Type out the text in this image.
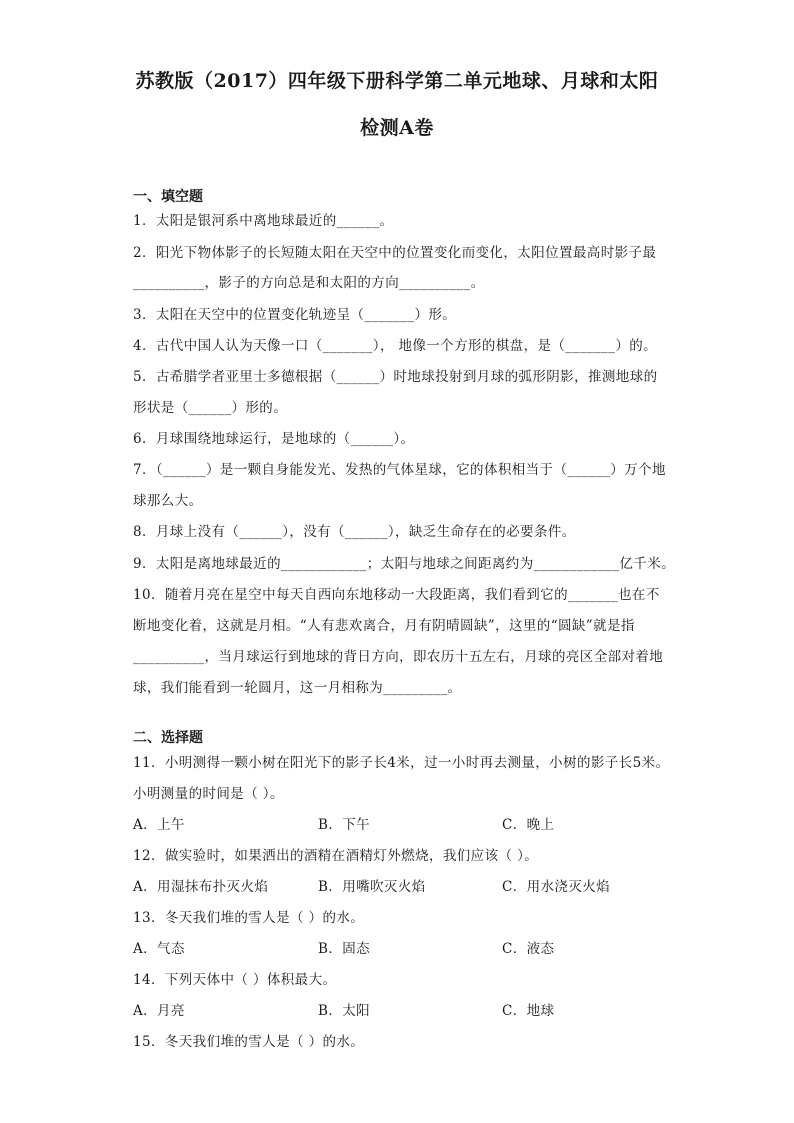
苏教版（2017）四年级下册科学第二单元地球、月球和太阳
检测A卷
一、填空题
1．太阳是银河系中离地球最近的______。
2．阳光下物体影子的长短随太阳在天空中的位置变化而变化，太阳位置最高时影子最
__________，影子的方向总是和太阳的方向__________。
3．太阳在天空中的位置变化轨迹呈（_______）形。
4．古代中国人认为天像一口（_______）， 地像一个方形的棋盘，是（_______）的。
5．古希腊学者亚里士多德根据（______）时地球投射到月球的弧形阴影，推测地球的
形状是（______）形的。
6．月球围绕地球运行，是地球的（______）。
7．（______）是一颗自身能发光、发热的气体星球，它的体积相当于（______）万个地
球那么大。
8．月球上没有（______），没有（______），缺乏生命存在的必要条件。
9．太阳是离地球最近的____________；太阳与地球之间距离约为____________亿千米。
10．随着月亮在星空中每天自西向东地移动一大段距离，我们看到它的_______也在不
断地变化着，这就是月相。“人有悲欢离合，月有阴晴圆缺”，这里的“圆缺”就是指
__________，当月球运行到地球的背日方向，即农历十五左右，月球的亮区全部对着地
球，我们能看到一轮圆月，这一月相称为_________。
二、选择题
11．小明测得一颗小树在阳光下的影子长4米，过一小时再去测量，小树的影子长5米。
小明测量的时间是（ ）。
A．上午	B．下午	C．晚上
12．做实验时，如果洒出的酒精在酒精灯外燃烧，我们应该（ ）。
A．用湿抹布扑灭火焰	B．用嘴吹灭火焰	C．用水浇灭火焰
13．冬天我们堆的雪人是（ ）的水。
A．气态	B．固态	C．液态
14．下列天体中（ ）体积最大。
A．月亮	B．太阳	C．地球
15．冬天我们堆的雪人是（ ）的水。
